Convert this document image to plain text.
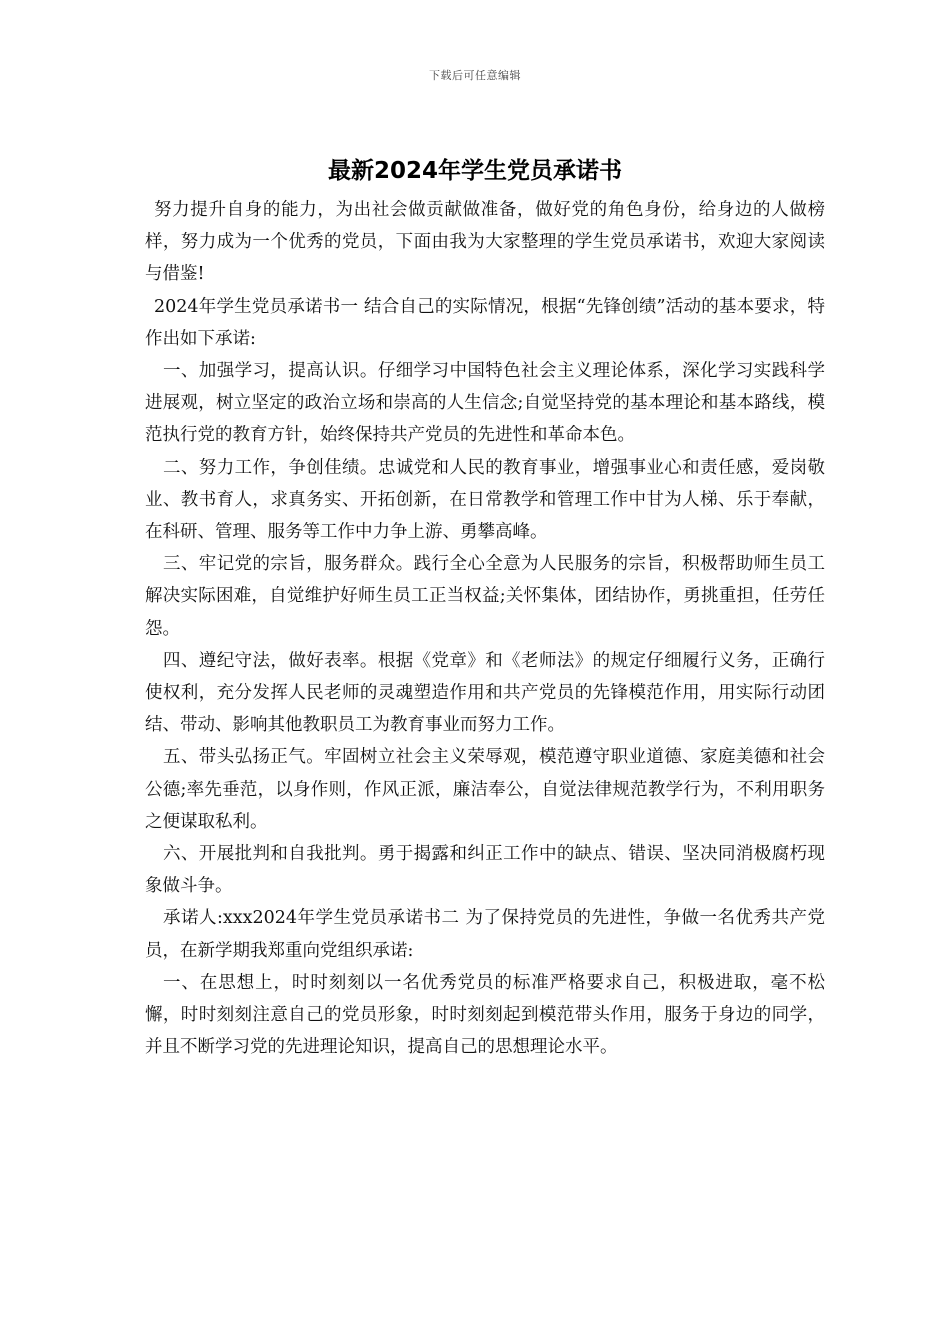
下载后可任意编辑
最新2024年学生党员承诺书

努力提升自身的能力，为出社会做贡献做准备，做好党的角色身份，给身边的人做榜样，努力成为一个优秀的党员，下面由我为大家整理的学生党员承诺书，欢迎大家阅读与借鉴!

2024年学生党员承诺书一 结合自己的实际情况，根据“先锋创绩”活动的基本要求，特作出如下承诺:

一、加强学习，提高认识。仔细学习中国特色社会主义理论体系，深化学习实践科学进展观，树立坚定的政治立场和崇高的人生信念;自觉坚持党的基本理论和基本路线，模范执行党的教育方针，始终保持共产党员的先进性和革命本色。

二、努力工作，争创佳绩。忠诚党和人民的教育事业，增强事业心和责任感，爱岗敬业、教书育人，求真务实、开拓创新，在日常教学和管理工作中甘为人梯、乐于奉献，在科研、管理、服务等工作中力争上游、勇攀高峰。

三、牢记党的宗旨，服务群众。践行全心全意为人民服务的宗旨，积极帮助师生员工解决实际困难，自觉维护好师生员工正当权益;关怀集体，团结协作，勇挑重担，任劳任怨。

四、遵纪守法，做好表率。根据《党章》和《老师法》的规定仔细履行义务，正确行使权利，充分发挥人民老师的灵魂塑造作用和共产党员的先锋模范作用，用实际行动团结、带动、影响其他教职员工为教育事业而努力工作。

五、带头弘扬正气。牢固树立社会主义荣辱观，模范遵守职业道德、家庭美德和社会公德;率先垂范，以身作则，作风正派，廉洁奉公，自觉法律规范教学行为，不利用职务之便谋取私利。

六、开展批判和自我批判。勇于揭露和纠正工作中的缺点、错误、坚决同消极腐朽现象做斗争。

承诺人:xxx2024年学生党员承诺书二 为了保持党员的先进性，争做一名优秀共产党员，在新学期我郑重向党组织承诺:

一、在思想上，时时刻刻以一名优秀党员的标准严格要求自己，积极进取，毫不松懈，时时刻刻注意自己的党员形象，时时刻刻起到模范带头作用，服务于身边的同学，并且不断学习党的先进理论知识，提高自己的思想理论水平。
